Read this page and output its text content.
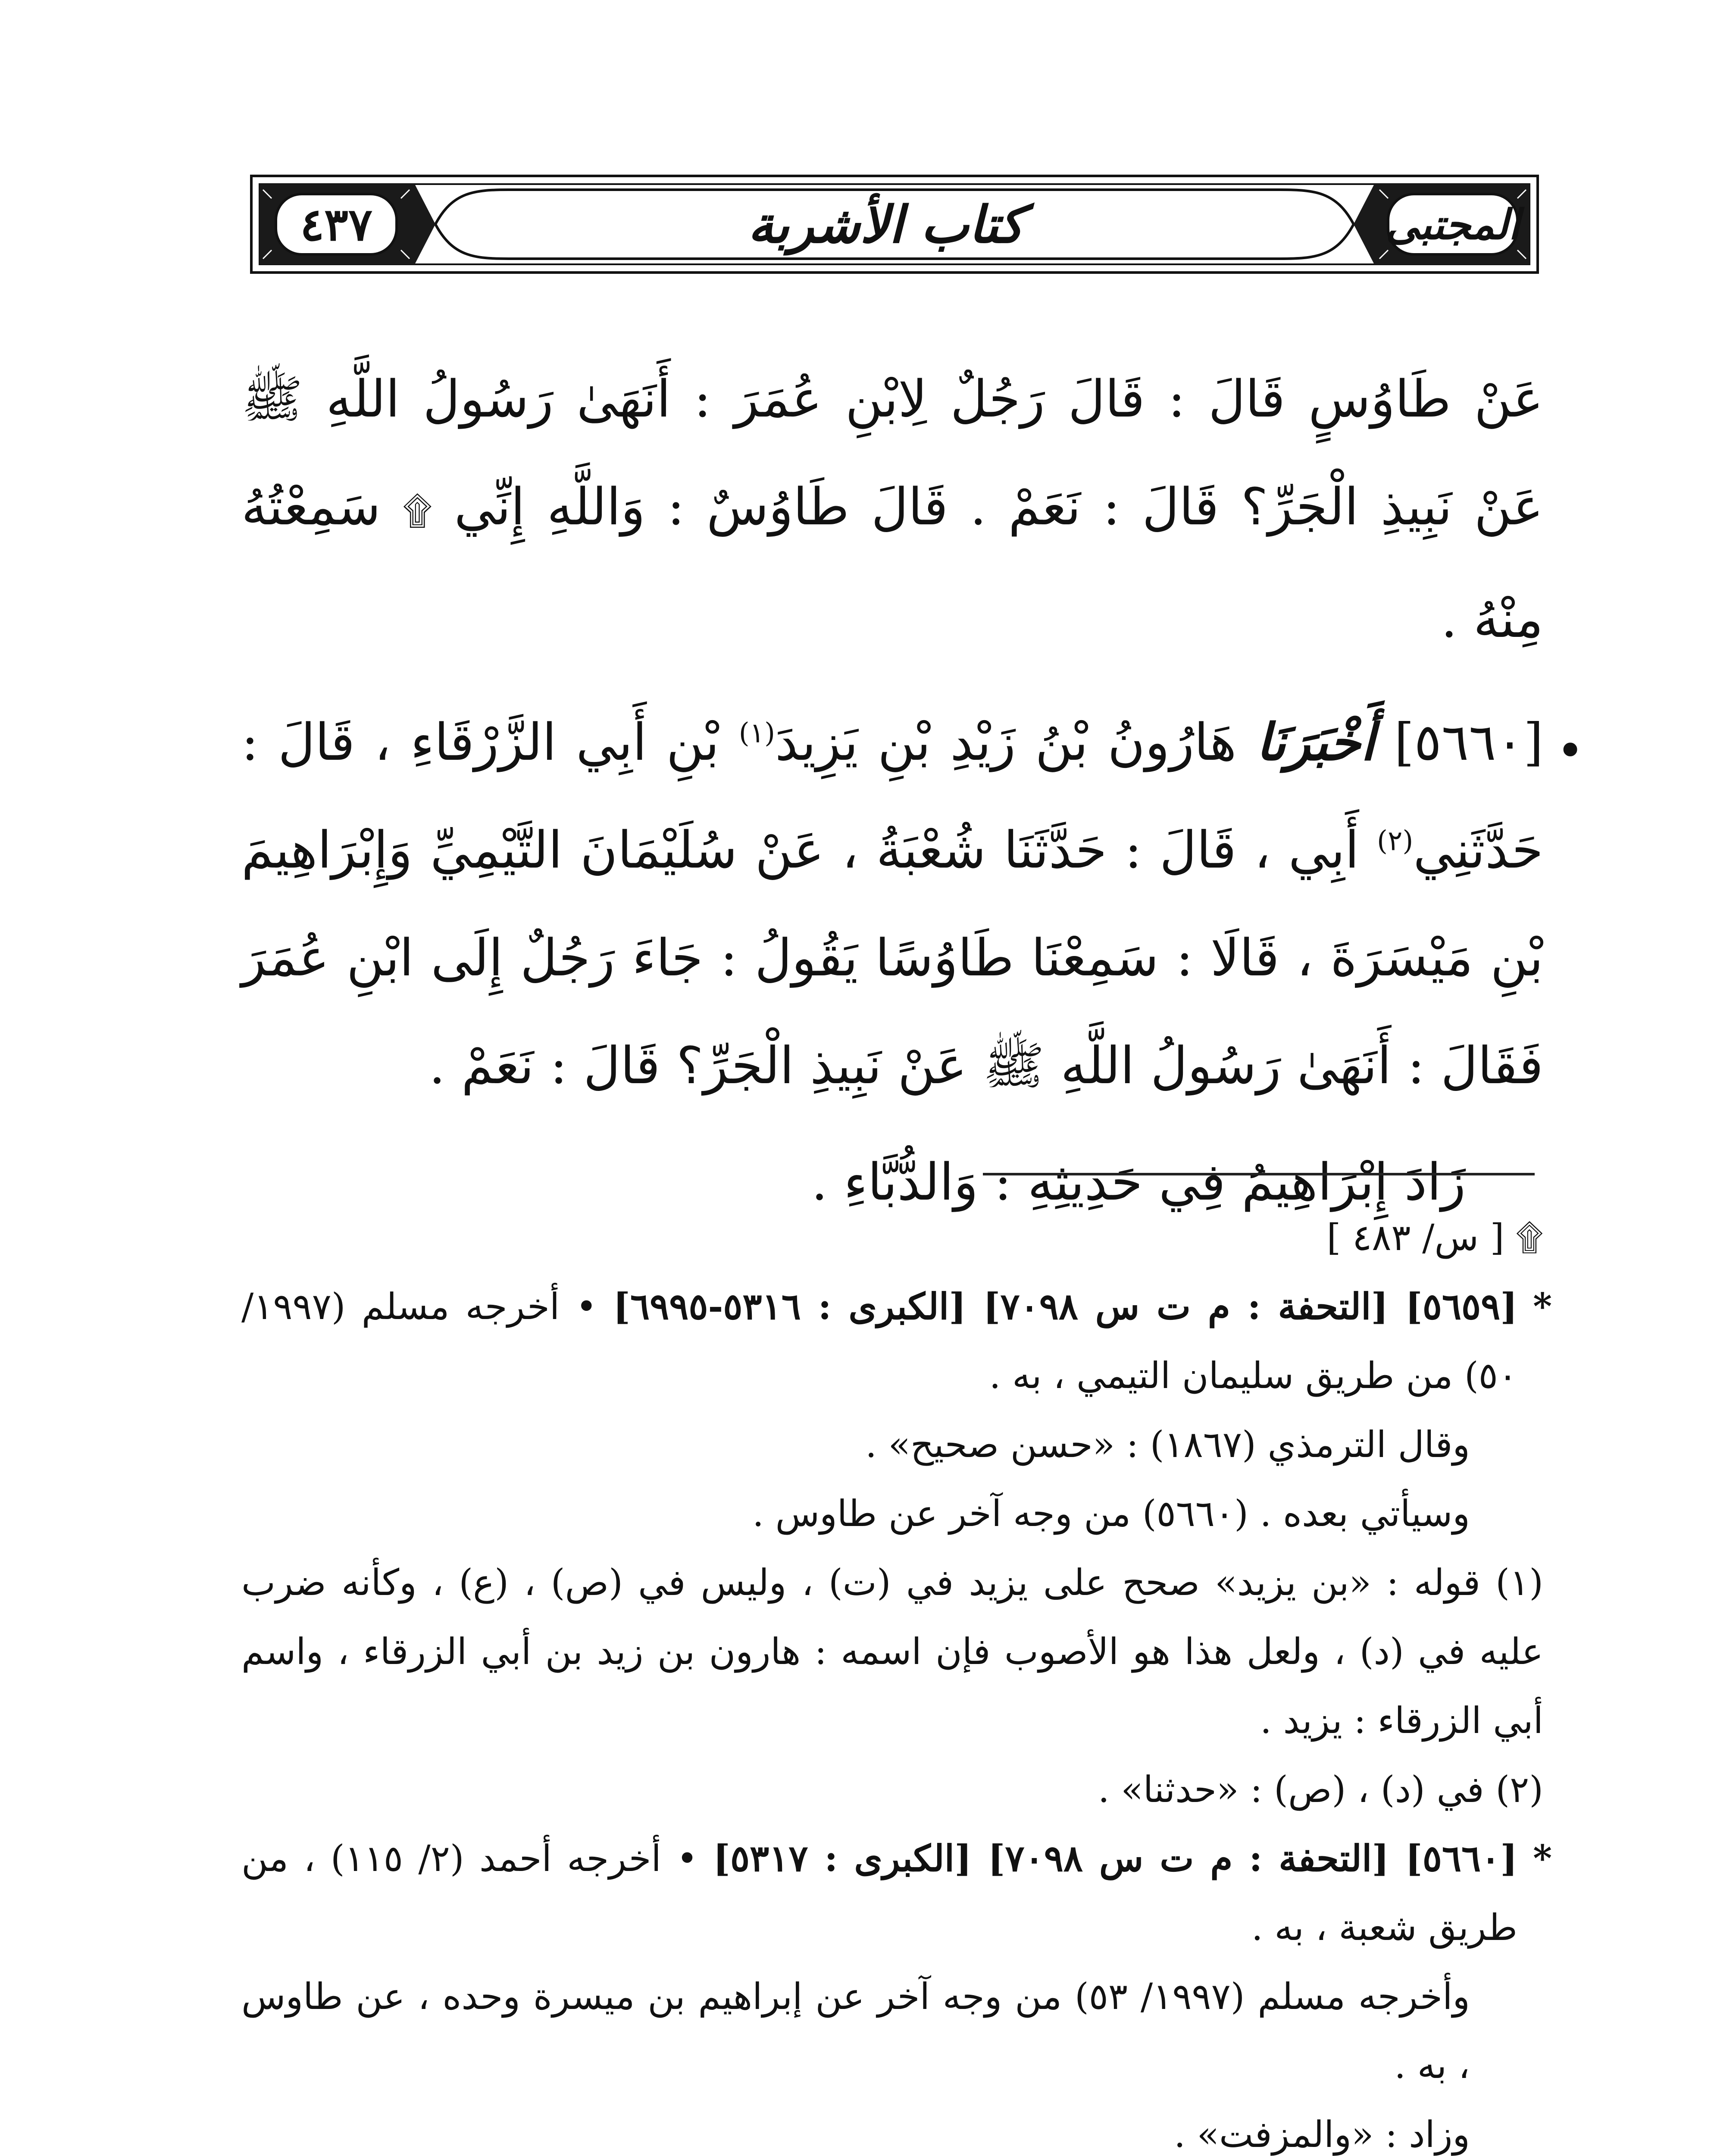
٤٣٧	كتاب الأشربة	المجتبى

عَنْ طَاوُسٍ قَالَ : قَالَ رَجُلٌ لِابْنِ عُمَرَ : أَنَهَىٰ رَسُولُ اللَّهِ ﷺ عَنْ نَبِيذِ الْجَرِّ؟ قَالَ : نَعَمْ . قَالَ طَاوُسٌ : وَاللَّهِ إِنِّي ۩ سَمِعْتُهُ مِنْهُ .

•
[٥٦٦٠] أَخْبَرَنَا هَارُونُ بْنُ زَيْدِ بْنِ يَزِيدَ$^{(١)}$ بْنِ أَبِي الزَّرْقَاءِ ، قَالَ : حَدَّثَنِي$^{(٢)}$ أَبِي ، قَالَ : حَدَّثَنَا شُعْبَةُ ، عَنْ سُلَيْمَانَ التَّيْمِيِّ وَإِبْرَاهِيمَ بْنِ مَيْسَرَةَ ، قَالَا : سَمِعْنَا طَاوُسًا يَقُولُ : جَاءَ رَجُلٌ إِلَى ابْنِ عُمَرَ فَقَالَ : أَنَهَىٰ رَسُولُ اللَّهِ ﷺ عَنْ نَبِيذِ الْجَرِّ؟ قَالَ : نَعَمْ .

زَادَ إِبْرَاهِيمُ فِي حَدِيثِهِ : وَالدُّبَّاءِ .

۩ [ س/ ٤٨٣ ]

*
[٥٦٥٩] [التحفة : م ت س ٧٠٩٨] [الكبرى : ٥٣١٦-٦٩٩٥] • أخرجه مسلم (١٩٩٧/ ٥٠) من طريق سليمان التيمي ، به .

وقال الترمذي (١٨٦٧) : «حسن صحيح» .

وسيأتي بعده . (٥٦٦٠) من وجه آخر عن طاوس .

(١) قوله : «بن يزيد» صحح على يزيد في (ت) ، وليس في (ص) ، (ع) ، وكأنه ضرب عليه في (د) ، ولعل هذا هو الأصوب فإن اسمه : هارون بن زيد بن أبي الزرقاء ، واسم أبي الزرقاء : يزيد .

(٢) في (د) ، (ص) : «حدثنا» .

*
[٥٦٦٠] [التحفة : م ت س ٧٠٩٨] [الكبرى : ٥٣١٧] • أخرجه أحمد (٢/ ١١٥) ، من طريق شعبة ، به .

وأخرجه مسلم (١٩٩٧/ ٥٣) من وجه آخر عن إبراهيم بن ميسرة وحده ، عن طاوس ، به .

وزاد : «والمزفت» .
